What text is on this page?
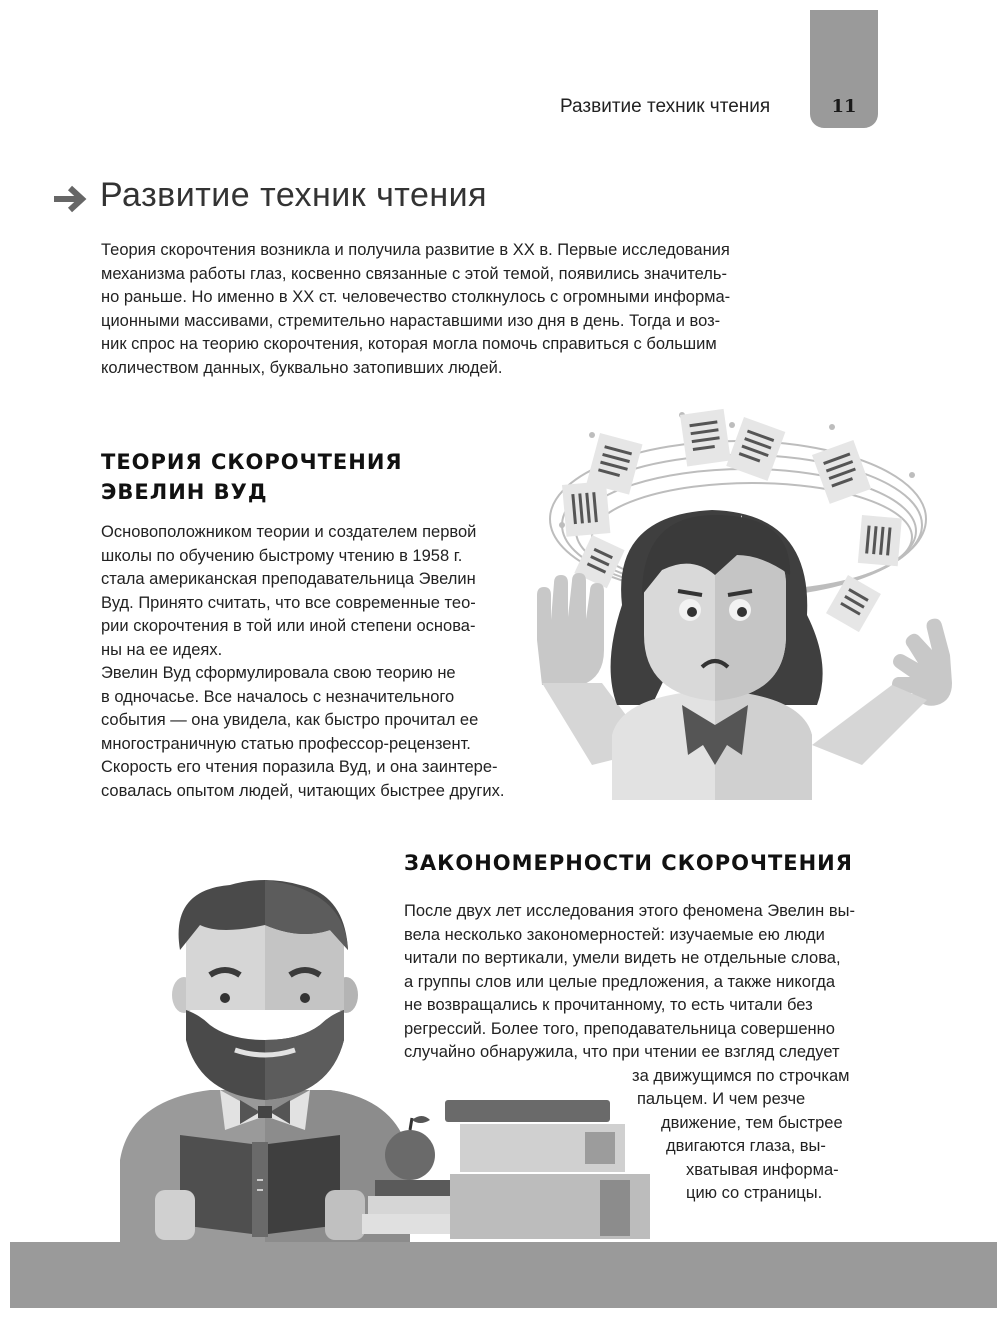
11
Развитие техник чтения
Развитие техник чтения

Теория скорочтения возникла и получила развитие в XX в. Первые исследования

механизма работы глаз, косвенно связанные с этой темой, появились значитель-

но раньше. Но именно в XX ст. человечество столкнулось с огромными информа-

ционными массивами, стремительно нараставшими изо дня в день. Тогда и воз-

ник спрос на теорию скорочтения, которая могла помочь справиться с большим

количеством данных, буквально затопивших людей.

ТЕОРИЯ СКОРОЧТЕНИЯ

ЭВЕЛИН ВУД

Основоположником теории и создателем первой

школы по обучению быстрому чтению в 1958 г.

стала американская преподавательница Эвелин

Вуд. Принято считать, что все современные тео-

рии скорочтения в той или иной степени основа-

ны на ее идеях.

Эвелин Вуд сформулировала свою теорию не

в одночасье. Все началось с незначительного

события — она увидела, как быстро прочитал ее

многостраничную статью профессор-рецензент.

Скорость его чтения поразила Вуд, и она заинтере-

совалась опытом людей, читающих быстрее других.

ЗАКОНОМЕРНОСТИ СКОРОЧТЕНИЯ

После двух лет исследования этого феномена Эвелин вы-

вела несколько закономерностей: изучаемые ею люди

читали по вертикали, умели видеть не отдельные слова,

а группы слов или целые предложения, а также никогда

не возвращались к прочитанному, то есть читали без

регрессий. Более того, преподавательница совершенно

случайно обнаружила, что при чтении ее взгляд следует

за движущимся по строчкам

пальцем. И чем резче

движение, тем быстрее

двигаются глаза, вы-

хватывая информа-

цию со страницы.
